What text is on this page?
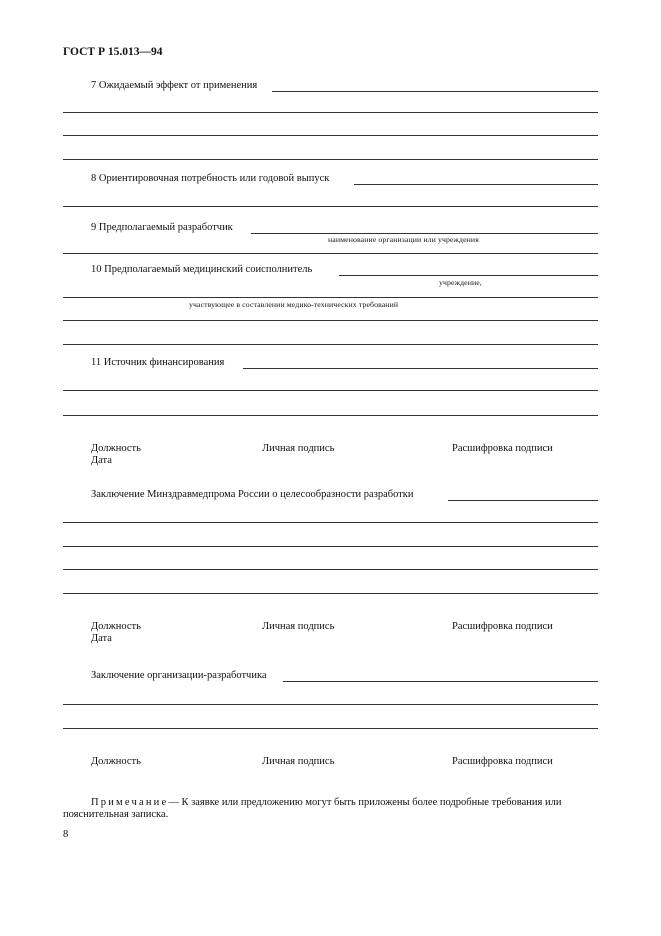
ГОСТ Р 15.013—94
7 Ожидаемый эффект от применения
8 Ориентировочная потребность или годовой выпуск
9 Предполагаемый разработчик
наименование организации или учреждения
10 Предполагаемый медицинский соисполнитель
учреждение,
участвующее в составлении медико-технических требований
11 Источник финансирования
Должность	Личная подпись	Расшифровка подписи
Дата
Заключение Минздравмедпрома России о целесообразности разработки
Должность	Личная подпись	Расшифровка подписи
Дата
Заключение организации-разработчика
Должность	Личная подпись	Расшифровка подписи
Примечание— К заявке или предложению могут быть приложены более подробные требования или
пояснительная записка.
8
